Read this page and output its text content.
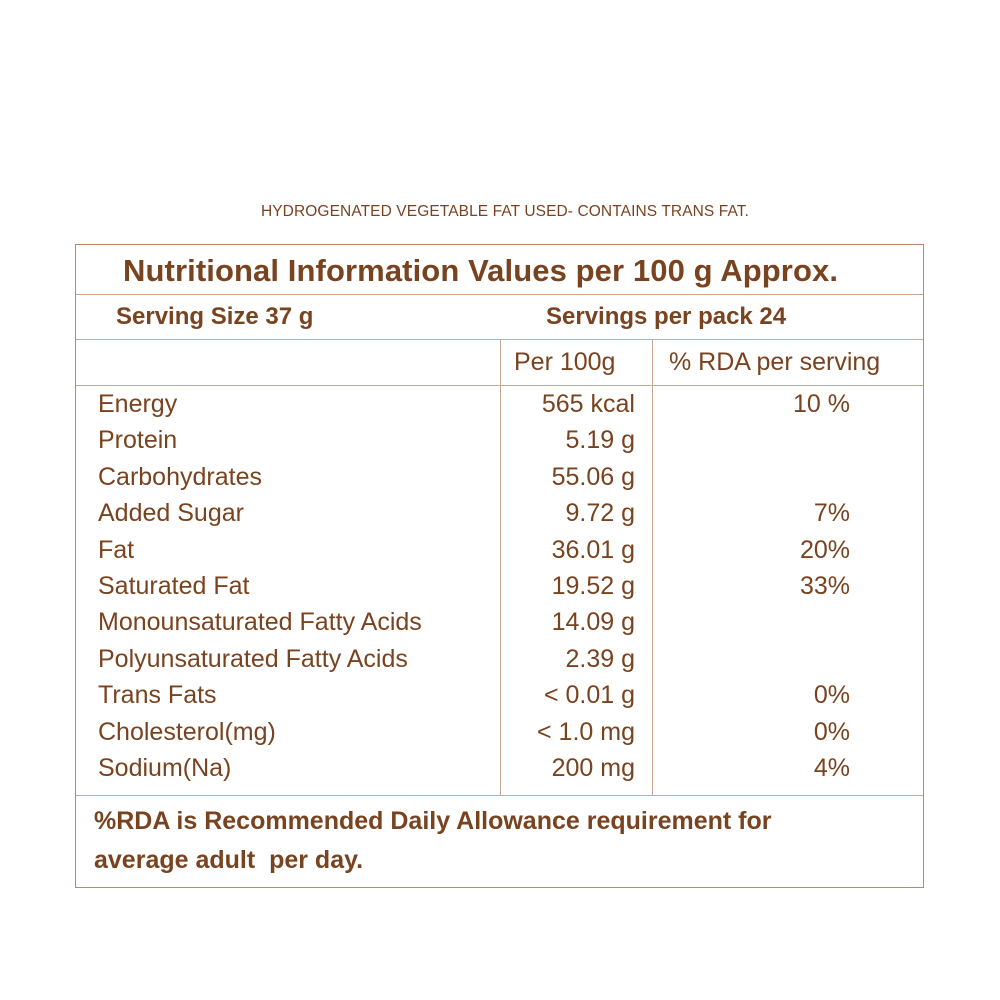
HYDROGENATED VEGETABLE FAT USED- CONTAINS TRANS FAT.
Nutritional Information Values per 100 g Approx.
Serving Size 37 g	Servings per pack 24
Per 100g % RDA per serving
Energy	565 kcal	10 %
Protein	5.19 g
Carbohydrates	55.06 g
Added Sugar	9.72 g	7%
Fat	36.01 g	20%
Saturated Fat	19.52 g	33%
Monounsaturated Fatty Acids	14.09 g
Polyunsaturated Fatty Acids	2.39 g
Trans Fats	< 0.01 g	0%
Cholesterol(mg)	< 1.0 mg	0%
Sodium(Na)	200 mg	4%
%RDA is Recommended Daily Allowance requirement for
average adult  per day.
